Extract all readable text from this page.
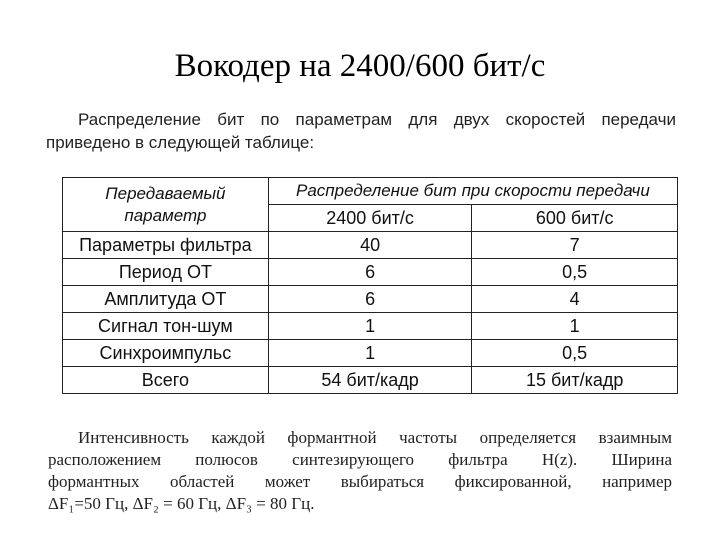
Вокодер на 2400/600 бит/с
Распределение бит по параметрам для двух скоростей передачи
приведено в следующей таблице:
Передаваемый
параметр	Распределение бит при скорости передачи	
	2400 бит/с	600 бит/с
Параметры фильтра	40	7
Период ОТ	6	0,5
Амплитуда ОТ	6	4
Сигнал тон-шум	1	1
Синхроимпульс	1	0,5
Всего	54 бит/кадр	15 бит/кадр
Интенсивность каждой формантной частоты определяется взаимным
расположением полюсов синтезирующего фильтра H(z). Ширина
формантных областей может выбираться фиксированной, например
ΔF₁=50 Гц, ΔF₂ = 60 Гц, ΔF₃ = 80 Гц.
